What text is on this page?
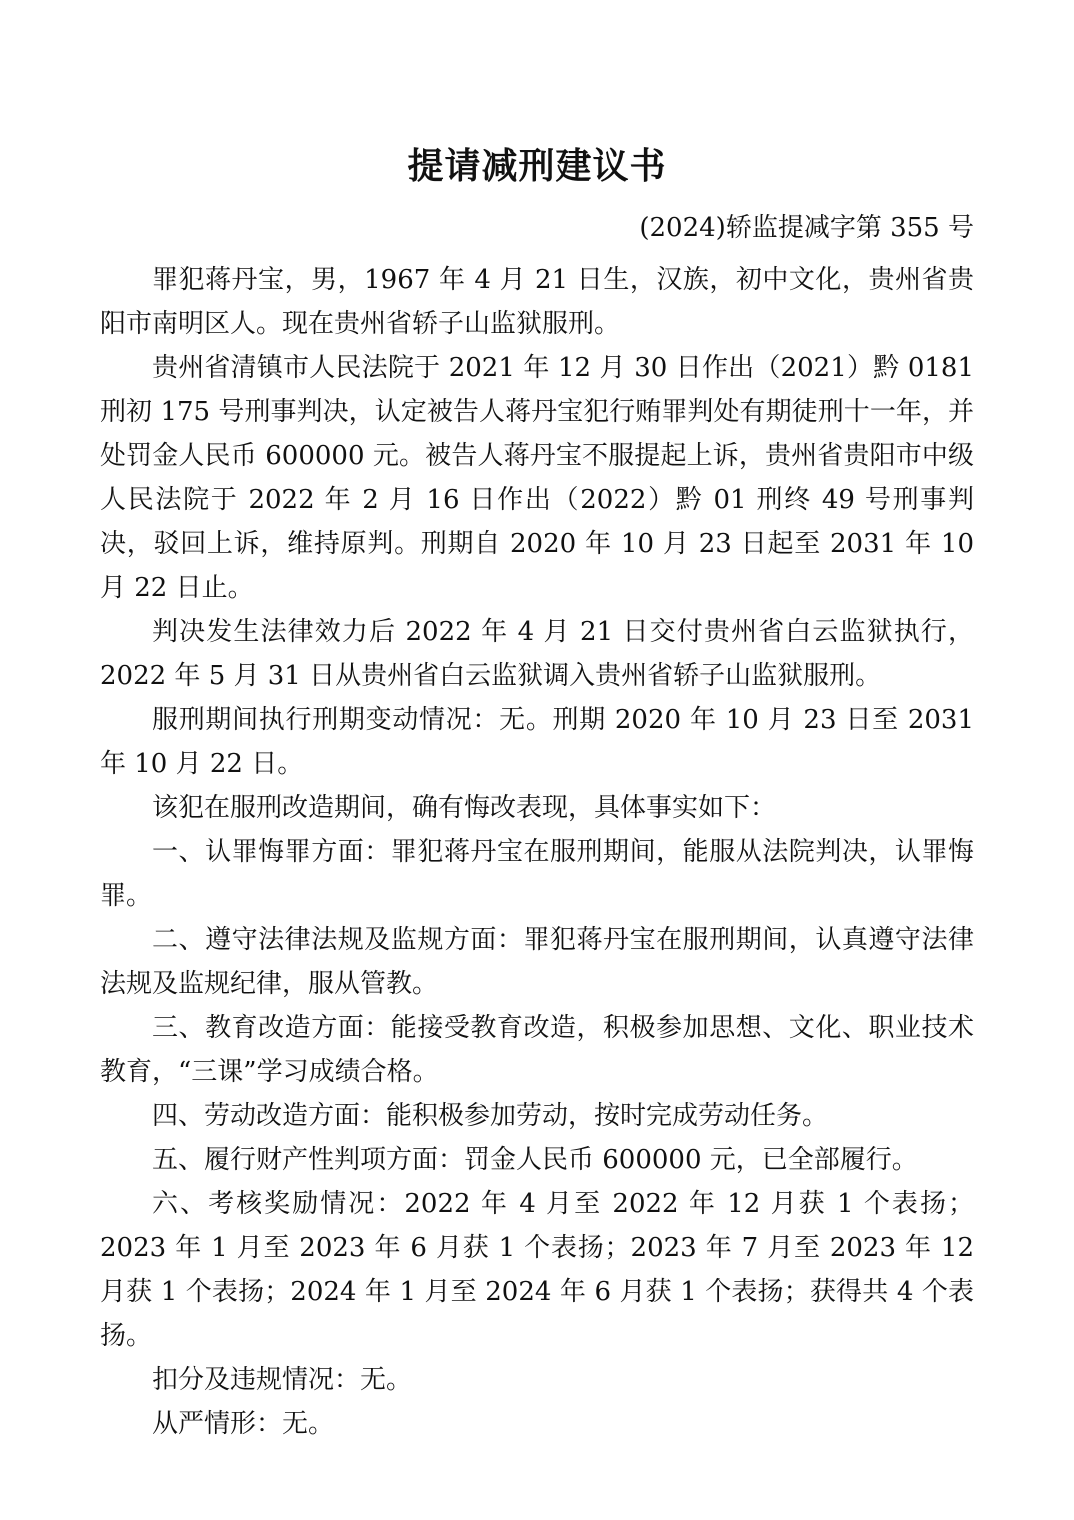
提请减刑建议书
(2024)轿监提减字第 355 号

罪犯蒋丹宝，男，1967 年 4 月 21 日生，汉族，初中文化，贵州省贵阳市南明区人。现在贵州省轿子山监狱服刑。

贵州省清镇市人民法院于 2021 年 12 月 30 日作出（2021）黔 0181 刑初 175 号刑事判决，认定被告人蒋丹宝犯行贿罪判处有期徒刑十一年，并处罚金人民币 600000 元。被告人蒋丹宝不服提起上诉，贵州省贵阳市中级人民法院于 2022 年 2 月 16 日作出（2022）黔 01 刑终 49 号刑事判决，驳回上诉，维持原判。刑期自 2020 年 10 月 23 日起至 2031 年 10 月 22 日止。

判决发生法律效力后 2022 年 4 月 21 日交付贵州省白云监狱执行，2022 年 5 月 31 日从贵州省白云监狱调入贵州省轿子山监狱服刑。

服刑期间执行刑期变动情况：无。刑期 2020 年 10 月 23 日至 2031 年 10 月 22 日。

该犯在服刑改造期间，确有悔改表现，具体事实如下：

一、认罪悔罪方面：罪犯蒋丹宝在服刑期间，能服从法院判决，认罪悔罪。

二、遵守法律法规及监规方面：罪犯蒋丹宝在服刑期间，认真遵守法律法规及监规纪律，服从管教。

三、教育改造方面：能接受教育改造，积极参加思想、文化、职业技术教育，“三课”学习成绩合格。

四、劳动改造方面：能积极参加劳动，按时完成劳动任务。

五、履行财产性判项方面：罚金人民币 600000 元，已全部履行。

六、考核奖励情况：2022 年 4 月至 2022 年 12 月获 1 个表扬；2023 年 1 月至 2023 年 6 月获 1 个表扬；2023 年 7 月至 2023 年 12 月获 1 个表扬；2024 年 1 月至 2024 年 6 月获 1 个表扬；获得共 4 个表扬。

扣分及违规情况：无。

从严情形：无。
